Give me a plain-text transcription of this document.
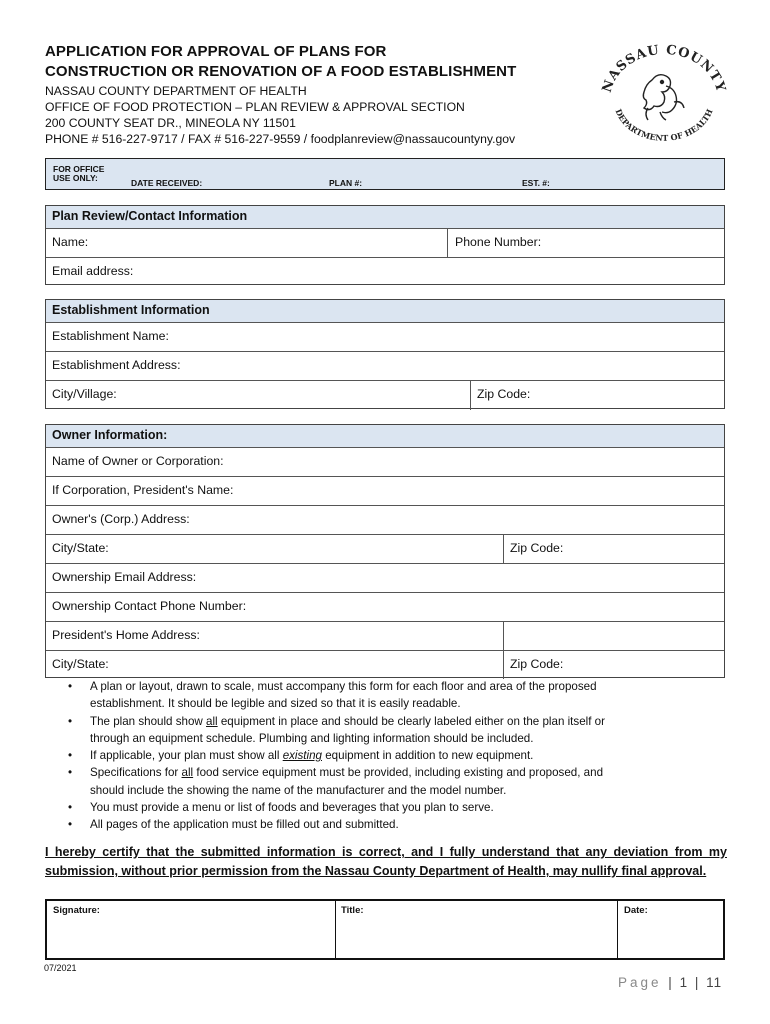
APPLICATION FOR APPROVAL OF PLANS FOR
CONSTRUCTION OR RENOVATION OF A FOOD ESTABLISHMENT
NASSAU COUNTY DEPARTMENT OF HEALTH
OFFICE OF FOOD PROTECTION – PLAN REVIEW & APPROVAL SECTION
200 COUNTY SEAT DR., MINEOLA NY 11501
PHONE # 516-227-9717 / FAX # 516-227-9559 / foodplanreview@nassaucountyny.gov
NASSAU COUNTY
DEPARTMENT OF HEALTH
FOR OFFICE
USE ONLY:	DATE RECEIVED:	PLAN #:	EST. #:
Plan Review/Contact Information
Name:	Phone Number:
Email address:
Establishment Information
Establishment Name:
Establishment Address:
City/Village:	Zip Code:
Owner Information:
Name of Owner or Corporation:
If Corporation, President's Name:
Owner's (Corp.) Address:
City/State:	Zip Code:
Ownership Email Address:
Ownership Contact Phone Number:
President's Home Address:
City/State:	Zip Code:
• A plan or layout, drawn to scale, must accompany this form for each floor and area of the proposed
establishment. It should be legible and sized so that it is easily readable.
• The plan should show all equipment in place and should be clearly labeled either on the plan itself or
through an equipment schedule. Plumbing and lighting information should be included.
• If applicable, your plan must show all existing equipment in addition to new equipment.
• Specifications for all food service equipment must be provided, including existing and proposed, and
should include the showing the name of the manufacturer and the model number.
• You must provide a menu or list of foods and beverages that you plan to serve.
• All pages of the application must be filled out and submitted.
I hereby certify that the submitted information is correct, and I fully understand that any deviation from my submission, without prior permission from the Nassau County Department of Health, may nullify final approval.
Signature:	Title:	Date:
07/2021
Page | 1 | 11
